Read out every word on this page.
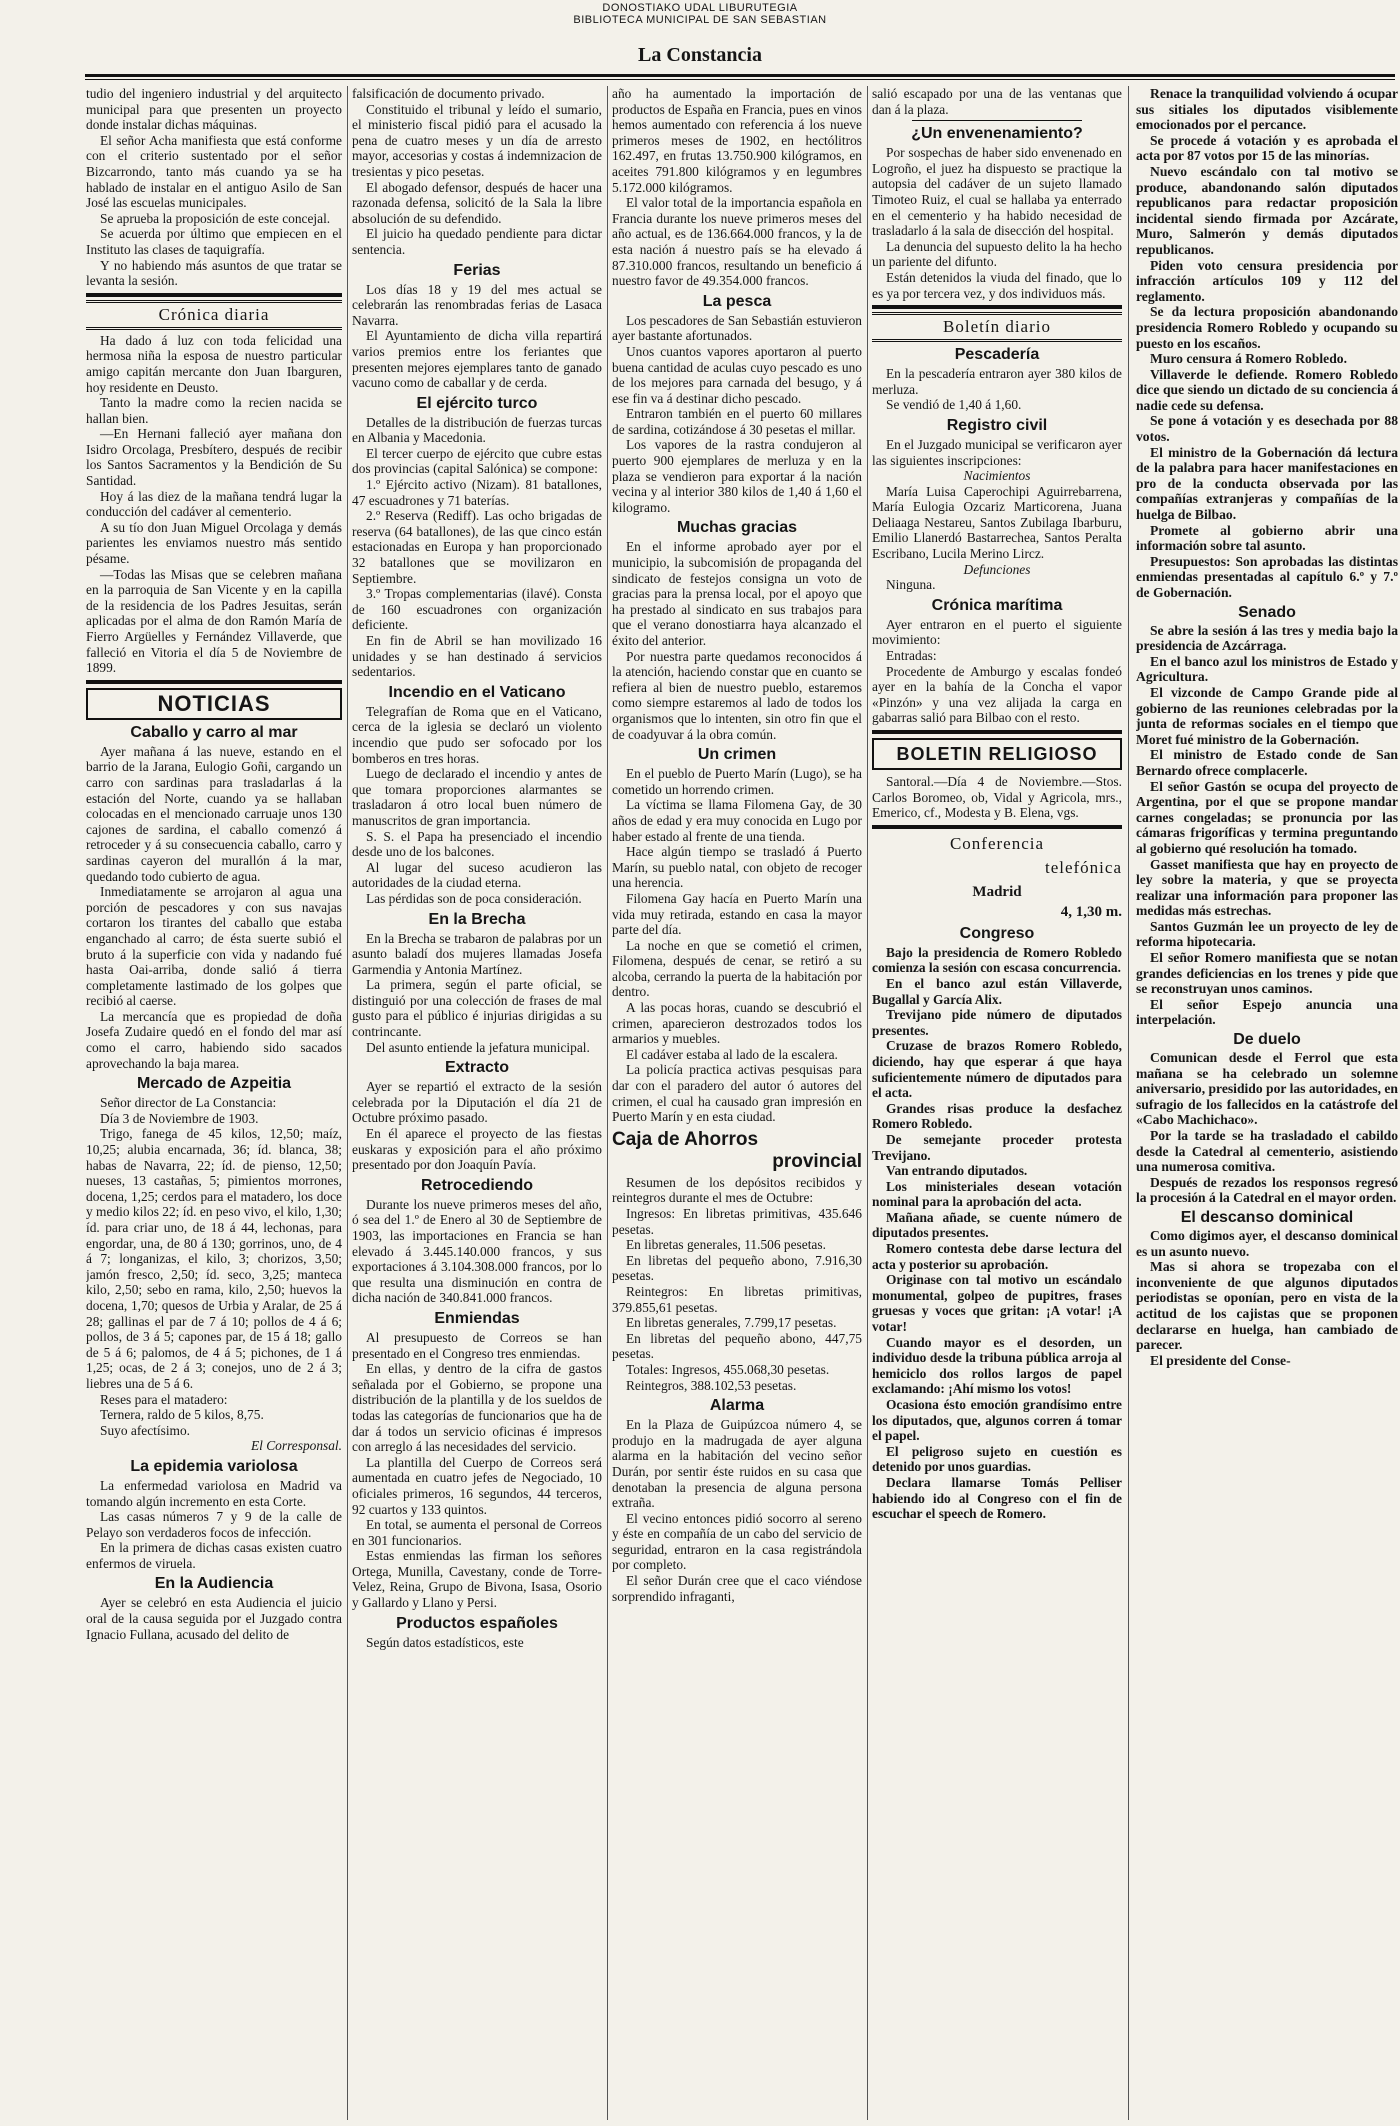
DONOSTIAKO UDAL LIBURUTEGIA
BIBLIOTECA MUNICIPAL DE SAN SEBASTIAN
La Constancia

tudio del ingeniero industrial y del arquitecto municipal para que presenten un proyecto donde instalar dichas máquinas.

El señor Acha manifiesta que está conforme con el criterio sustentado por el señor Bizcarrondo, tanto más cuando ya se ha hablado de instalar en el antiguo Asilo de San José las escuelas municipales.

Se aprueba la proposición de este concejal.

Se acuerda por último que empiecen en el Instituto las clases de taquigrafía.

Y no habiendo más asuntos de que tratar se levanta la sesión.

Crónica diaria

Ha dado á luz con toda felicidad una hermosa niña la esposa de nuestro particular amigo capitán mercante don Juan Ibarguren, hoy residente en Deusto.

Tanto la madre como la recien nacida se hallan bien.

—En Hernani falleció ayer mañana don Isidro Orcolaga, Presbítero, después de recibir los Santos Sacramentos y la Bendición de Su Santidad.

Hoy á las diez de la mañana tendrá lugar la conducción del cadáver al cementerio.

A su tío don Juan Miguel Orcolaga y demás parientes les enviamos nuestro más sentido pésame.

—Todas las Misas que se celebren mañana en la parroquia de San Vicente y en la capilla de la residencia de los Padres Jesuitas, serán aplicadas por el alma de don Ramón María de Fierro Argüelles y Fernández Villaverde, que falleció en Vitoria el día 5 de Noviembre de 1899.

NOTICIAS
Caballo y carro al mar

Ayer mañana á las nueve, estando en el barrio de la Jarana, Eulogio Goñi, cargando un carro con sardinas para trasladarlas á la estación del Norte, cuando ya se hallaban colocadas en el mencionado carruaje unos 130 cajones de sardina, el caballo comenzó á retroceder y á su consecuencia caballo, carro y sardinas cayeron del murallón á la mar, quedando todo cubierto de agua.

Inmediatamente se arrojaron al agua una porción de pescadores y con sus navajas cortaron los tirantes del caballo que estaba enganchado al carro; de ésta suerte subió el bruto á la superficie con vida y nadando fué hasta Oai-arriba, donde salió á tierra completamente lastimado de los golpes que recibió al caerse.

La mercancía que es propiedad de doña Josefa Zudaire quedó en el fondo del mar así como el carro, habiendo sido sacados aprovechando la baja marea.

Mercado de Azpeitia

Señor director de La Constancia:

Día 3 de Noviembre de 1903.

Trigo, fanega de 45 kilos, 12,50; maíz, 10,25; alubia encarnada, 36; íd. blanca, 38; habas de Navarra, 22; íd. de pienso, 12,50; nueses, 13 castañas, 5; pimientos morrones, docena, 1,25; cerdos para el matadero, los doce y medio kilos 22; íd. en peso vivo, el kilo, 1,30; íd. para criar uno, de 18 á 44, lechonas, para engordar, una, de 80 á 130; gorrinos, uno, de 4 á 7; longanizas, el kilo, 3; chorizos, 3,50; jamón fresco, 2,50; íd. seco, 3,25; manteca kilo, 2,50; sebo en rama, kilo, 2,50; huevos la docena, 1,70; quesos de Urbia y Aralar, de 25 á 28; gallinas el par de 7 á 10; pollos de 4 á 6; pollos, de 3 á 5; capones par, de 15 á 18; gallo de 5 á 6; palomos, de 4 á 5; pichones, de 1 á 1,25; ocas, de 2 á 3; conejos, uno de 2 á 3; liebres una de 5 á 6.

Reses para el matadero:

Ternera, raldo de 5 kilos, 8,75.

Suyo afectísimo.

El Corresponsal.

La epidemia variolosa

La enfermedad variolosa en Madrid va tomando algún incremento en esta Corte.

Las casas números 7 y 9 de la calle de Pelayo son verdaderos focos de infección.

En la primera de dichas casas existen cuatro enfermos de viruela.

En la Audiencia

Ayer se celebró en esta Audiencia el juicio oral de la causa seguida por el Juzgado contra Ignacio Fullana, acusado del delito de

falsificación de documento privado.

Constituido el tribunal y leído el sumario, el ministerio fiscal pidió para el acusado la pena de cuatro meses y un día de arresto mayor, accesorias y costas á indemnizacion de tresientas y pico pesetas.

El abogado defensor, después de hacer una razonada defensa, solicitó de la Sala la libre absolución de su defendido.

El juicio ha quedado pendiente para dictar sentencia.

Ferias

Los días 18 y 19 del mes actual se celebrarán las renombradas ferias de Lasaca Navarra.

El Ayuntamiento de dicha villa repartirá varios premios entre los feriantes que presenten mejores ejemplares tanto de ganado vacuno como de caballar y de cerda.

El ejército turco

Detalles de la distribución de fuerzas turcas en Albania y Macedonia.

El tercer cuerpo de ejército que cubre estas dos provincias (capital Salónica) se compone:

1.º Ejército activo (Nizam). 81 batallones, 47 escuadrones y 71 baterías.

2.º Reserva (Rediff). Las ocho brigadas de reserva (64 batallones), de las que cinco están estacionadas en Europa y han proporcionado 32 batallones que se movilizaron en Septiembre.

3.º Tropas complementarias (ilavé). Consta de 160 escuadrones con organización deficiente.

En fin de Abril se han movilizado 16 unidades y se han destinado á servicios sedentarios.

Incendio en el Vaticano

Telegrafían de Roma que en el Vaticano, cerca de la iglesia se declaró un violento incendio que pudo ser sofocado por los bomberos en tres horas.

Luego de declarado el incendio y antes de que tomara proporciones alarmantes se trasladaron á otro local buen número de manuscritos de gran importancia.

S. S. el Papa ha presenciado el incendio desde uno de los balcones.

Al lugar del suceso acudieron las autoridades de la ciudad eterna.

Las pérdidas son de poca consideración.

En la Brecha

En la Brecha se trabaron de palabras por un asunto baladí dos mujeres llamadas Josefa Garmendia y Antonia Martínez.

La primera, según el parte oficial, se distinguió por una colección de frases de mal gusto para el público é injurias dirigidas a su contrincante.

Del asunto entiende la jefatura municipal.

Extracto

Ayer se repartió el extracto de la sesión celebrada por la Diputación el día 21 de Octubre próximo pasado.

En él aparece el proyecto de las fiestas euskaras y exposición para el año próximo presentado por don Joaquín Pavía.

Retrocediendo

Durante los nueve primeros meses del año, ó sea del 1.º de Enero al 30 de Septiembre de 1903, las importaciones en Francia se han elevado á 3.445.140.000 francos, y sus exportaciones á 3.104.308.000 francos, por lo que resulta una disminución en contra de dicha nación de 340.841.000 francos.

Enmiendas

Al presupuesto de Correos se han presentado en el Congreso tres enmiendas.

En ellas, y dentro de la cifra de gastos señalada por el Gobierno, se propone una distribución de la plantilla y de los sueldos de todas las categorías de funcionarios que ha de dar á todos un servicio oficinas é impresos con arreglo á las necesidades del servicio.

La plantilla del Cuerpo de Correos será aumentada en cuatro jefes de Negociado, 10 oficiales primeros, 16 segundos, 44 terceros, 92 cuartos y 133 quintos.

En total, se aumenta el personal de Correos en 301 funcionarios.

Estas enmiendas las firman los señores Ortega, Munilla, Cavestany, conde de Torre-Velez, Reina, Grupo de Bivona, Isasa, Osorio y Gallardo y Llano y Persi.

Productos españoles

Según datos estadísticos, este

año ha aumentado la importación de productos de España en Francia, pues en vinos hemos aumentado con referencia á los nueve primeros meses de 1902, en hectólitros 162.497, en frutas 13.750.900 kilógramos, en aceites 791.800 kilógramos y en legumbres 5.172.000 kilógramos.

El valor total de la importancia española en Francia durante los nueve primeros meses del año actual, es de 136.664.000 francos, y la de esta nación á nuestro país se ha elevado á 87.310.000 francos, resultando un beneficio á nuestro favor de 49.354.000 francos.

La pesca

Los pescadores de San Sebastián estuvieron ayer bastante afortunados.

Unos cuantos vapores aportaron al puerto buena cantidad de aculas cuyo pescado es uno de los mejores para carnada del besugo, y á ese fin va á destinar dicho pescado.

Entraron también en el puerto 60 millares de sardina, cotizándose á 30 pesetas el millar.

Los vapores de la rastra condujeron al puerto 900 ejemplares de merluza y en la plaza se vendieron para exportar á la nación vecina y al interior 380 kilos de 1,40 á 1,60 el kilogramo.

Muchas gracias

En el informe aprobado ayer por el municipio, la subcomisión de propaganda del sindicato de festejos consigna un voto de gracias para la prensa local, por el apoyo que ha prestado al sindicato en sus trabajos para que el verano donostiarra haya alcanzado el éxito del anterior.

Por nuestra parte quedamos reconocidos á la atención, haciendo constar que en cuanto se refiera al bien de nuestro pueblo, estaremos como siempre estaremos al lado de todos los organismos que lo intenten, sin otro fin que el de coadyuvar á la obra común.

Un crimen

En el pueblo de Puerto Marín (Lugo), se ha cometido un horrendo crimen.

La víctima se llama Filomena Gay, de 30 años de edad y era muy conocida en Lugo por haber estado al frente de una tienda.

Hace algún tiempo se trasladó á Puerto Marín, su pueblo natal, con objeto de recoger una herencia.

Filomena Gay hacía en Puerto Marín una vida muy retirada, estando en casa la mayor parte del día.

La noche en que se cometió el crimen, Filomena, después de cenar, se retiró a su alcoba, cerrando la puerta de la habitación por dentro.

A las pocas horas, cuando se descubrió el crimen, aparecieron destrozados todos los armarios y muebles.

El cadáver estaba al lado de la escalera.

La policía practica activas pesquisas para dar con el paradero del autor ó autores del crimen, el cual ha causado gran impresión en Puerto Marín y en esta ciudad.

Caja de Ahorros
provincial

Resumen de los depósitos recibidos y reintegros durante el mes de Octubre:

Ingresos: En libretas primitivas, 435.646 pesetas.

En libretas generales, 11.506 pesetas.

En libretas del pequeño abono, 7.916,30 pesetas.

Reintegros: En libretas primitivas, 379.855,61 pesetas.

En libretas generales, 7.799,17 pesetas.

En libretas del pequeño abono, 447,75 pesetas.

Totales: Ingresos, 455.068,30 pesetas.

Reintegros, 388.102,53 pesetas.

Alarma

En la Plaza de Guipúzcoa número 4, se produjo en la madrugada de ayer alguna alarma en la habitación del vecino señor Durán, por sentir éste ruidos en su casa que denotaban la presencia de alguna persona extraña.

El vecino entonces pidió socorro al sereno y éste en compañía de un cabo del servicio de seguridad, entraron en la casa registrándola por completo.

El señor Durán cree que el caco viéndose sorprendido infraganti,

salió escapado por una de las ventanas que dan á la plaza.

¿Un envenenamiento?

Por sospechas de haber sido envenenado en Logroño, el juez ha dispuesto se practique la autopsia del cadáver de un sujeto llamado Timoteo Ruiz, el cual se hallaba ya enterrado en el cementerio y ha habido necesidad de trasladarlo á la sala de disección del hospital.

La denuncia del supuesto delito la ha hecho un pariente del difunto.

Están detenidos la viuda del finado, que lo es ya por tercera vez, y dos individuos más.

Boletín diario
Pescadería

En la pescadería entraron ayer 380 kilos de merluza.

Se vendió de 1,40 á 1,60.

Registro civil

En el Juzgado municipal se verificaron ayer las siguientes inscripciones:

Nacimientos

María Luisa Caperochipi Aguirrebarrena, María Eulogia Ozcariz Marticorena, Juana Deliaaga Nestareu, Santos Zubilaga Ibarburu, Emilio Llanerdó Bastarrechea, Santos Peralta Escribano, Lucila Merino Lircz.

Defunciones

Ninguna.

Crónica marítima

Ayer entraron en el puerto el siguiente movimiento:

Entradas:

Procedente de Amburgo y escalas fondeó ayer en la bahía de la Concha el vapor «Pinzón» y una vez alijada la carga en gabarras salió para Bilbao con el resto.

BOLETIN RELIGIOSO

Santoral.—Día 4 de Noviembre.—Stos. Carlos Boromeo, ob, Vidal y Agricola, mrs., Emerico, cf., Modesta y B. Elena, vgs.

Conferencia
telefónica
Madrid
4, 1,30 m.
Congreso

Bajo la presidencia de Romero Robledo comienza la sesión con escasa concurrencia.

En el banco azul están Villaverde, Bugallal y García Alix.

Trevijano pide número de diputados presentes.

Cruzase de brazos Romero Robledo, diciendo, hay que esperar á que haya suficientemente número de diputados para el acta.

Grandes risas produce la desfachez Romero Robledo.

De semejante proceder protesta Trevijano.

Van entrando diputados.

Los ministeriales desean votación nominal para la aprobación del acta.

Mañana añade, se cuente número de diputados presentes.

Romero contesta debe darse lectura del acta y posterior su aprobación.

Originase con tal motivo un escándalo monumental, golpeo de pupitres, frases gruesas y voces que gritan: ¡A votar! ¡A votar!

Cuando mayor es el desorden, un individuo desde la tribuna pública arroja al hemiciclo dos rollos largos de papel exclamando: ¡Ahí mismo los votos!

Ocasiona ésto emoción grandísimo entre los diputados, que, algunos corren á tomar el papel.

El peligroso sujeto en cuestión es detenido por unos guardias.

Declara llamarse Tomás Pelliser habiendo ido al Congreso con el fin de escuchar el speech de Romero.

Renace la tranquilidad volviendo á ocupar sus sitiales los diputados visiblemente emocionados por el percance.

Se procede á votación y es aprobada el acta por 87 votos por 15 de las minorías.

Nuevo escándalo con tal motivo se produce, abandonando salón diputados republicanos para redactar proposición incidental siendo firmada por Azcárate, Muro, Salmerón y demás diputados republicanos.

Piden voto censura presidencia por infracción artículos 109 y 112 del reglamento.

Se da lectura proposición abandonando presidencia Romero Robledo y ocupando su puesto en los escaños.

Muro censura á Romero Robledo.

Villaverde le defiende. Romero Robledo dice que siendo un dictado de su conciencia á nadie cede su defensa.

Se pone á votación y es desechada por 88 votos.

El ministro de la Gobernación dá lectura de la palabra para hacer manifestaciones en pro de la conducta observada por las compañías extranjeras y compañías de la huelga de Bilbao.

Promete al gobierno abrir una información sobre tal asunto.

Presupuestos: Son aprobadas las distintas enmiendas presentadas al capítulo 6.º y 7.º de Gobernación.

Senado

Se abre la sesión á las tres y media bajo la presidencia de Azcárraga.

En el banco azul los ministros de Estado y Agricultura.

El vizconde de Campo Grande pide al gobierno de las reuniones celebradas por la junta de reformas sociales en el tiempo que Moret fué ministro de la Gobernación.

El ministro de Estado conde de San Bernardo ofrece complacerle.

El señor Gastón se ocupa del proyecto de Argentina, por el que se propone mandar carnes congeladas; se pronuncia por las cámaras frigoríficas y termina preguntando al gobierno qué resolución ha tomado.

Gasset manifiesta que hay en proyecto de ley sobre la materia, y que se proyecta realizar una información para proponer las medidas más estrechas.

Santos Guzmán lee un proyecto de ley de reforma hipotecaria.

El señor Romero manifiesta que se notan grandes deficiencias en los trenes y pide que se reconstruyan unos caminos.

El señor Espejo anuncia una interpelación.

De duelo

Comunican desde el Ferrol que esta mañana se ha celebrado un solemne aniversario, presidido por las autoridades, en sufragio de los fallecidos en la catástrofe del «Cabo Machichaco».

Por la tarde se ha trasladado el cabildo desde la Catedral al cementerio, asistiendo una numerosa comitiva.

Después de rezados los responsos regresó la procesión á la Catedral en el mayor orden.

El descanso dominical

Como digimos ayer, el descanso dominical es un asunto nuevo.

Mas si ahora se tropezaba con el inconveniente de que algunos diputados periodistas se oponían, pero en vista de la actitud de los cajistas que se proponen declararse en huelga, han cambiado de parecer.

El presidente del Conse-
